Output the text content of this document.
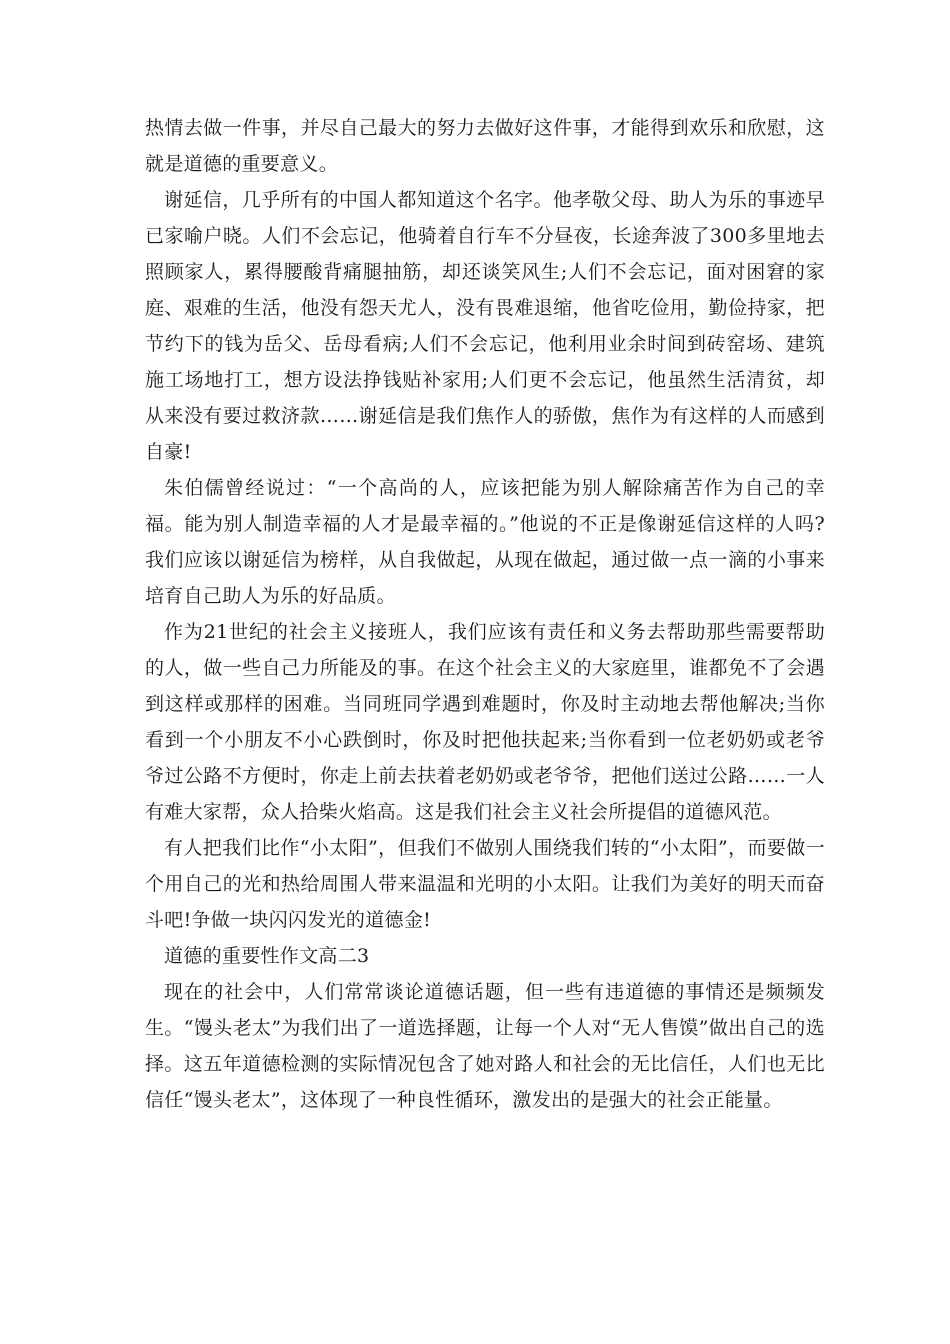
热情去做一件事，并尽自己最大的努力去做好这件事，才能得到欢乐和欣慰，这就是道德的重要意义。

谢延信，几乎所有的中国人都知道这个名字。他孝敬父母、助人为乐的事迹早已家喻户晓。人们不会忘记，他骑着自行车不分昼夜，长途奔波了300多里地去照顾家人，累得腰酸背痛腿抽筋，却还谈笑风生;人们不会忘记，面对困窘的家庭、艰难的生活，他没有怨天尤人，没有畏难退缩，他省吃俭用，勤俭持家，把节约下的钱为岳父、岳母看病;人们不会忘记，他利用业余时间到砖窑场、建筑施工场地打工，想方设法挣钱贴补家用;人们更不会忘记，他虽然生活清贫，却从来没有要过救济款……谢延信是我们焦作人的骄傲，焦作为有这样的人而感到自豪!

朱伯儒曾经说过：“一个高尚的人，应该把能为别人解除痛苦作为自己的幸福。能为别人制造幸福的人才是最幸福的。”他说的不正是像谢延信这样的人吗?我们应该以谢延信为榜样，从自我做起，从现在做起，通过做一点一滴的小事来培育自己助人为乐的好品质。

作为21世纪的社会主义接班人，我们应该有责任和义务去帮助那些需要帮助的人，做一些自己力所能及的事。在这个社会主义的大家庭里，谁都免不了会遇到这样或那样的困难。当同班同学遇到难题时，你及时主动地去帮他解决;当你看到一个小朋友不小心跌倒时，你及时把他扶起来;当你看到一位老奶奶或老爷爷过公路不方便时，你走上前去扶着老奶奶或老爷爷，把他们送过公路……一人有难大家帮，众人拾柴火焰高。这是我们社会主义社会所提倡的道德风范。

有人把我们比作“小太阳”，但我们不做别人围绕我们转的“小太阳”，而要做一个用自己的光和热给周围人带来温温和光明的小太阳。让我们为美好的明天而奋斗吧!争做一块闪闪发光的道德金!

道德的重要性作文高二3

现在的社会中，人们常常谈论道德话题，但一些有违道德的事情还是频频发生。“馒头老太”为我们出了一道选择题，让每一个人对“无人售馍”做出自己的选择。这五年道德检测的实际情况包含了她对路人和社会的无比信任，人们也无比信任“馒头老太”，这体现了一种良性循环，激发出的是强大的社会正能量。
